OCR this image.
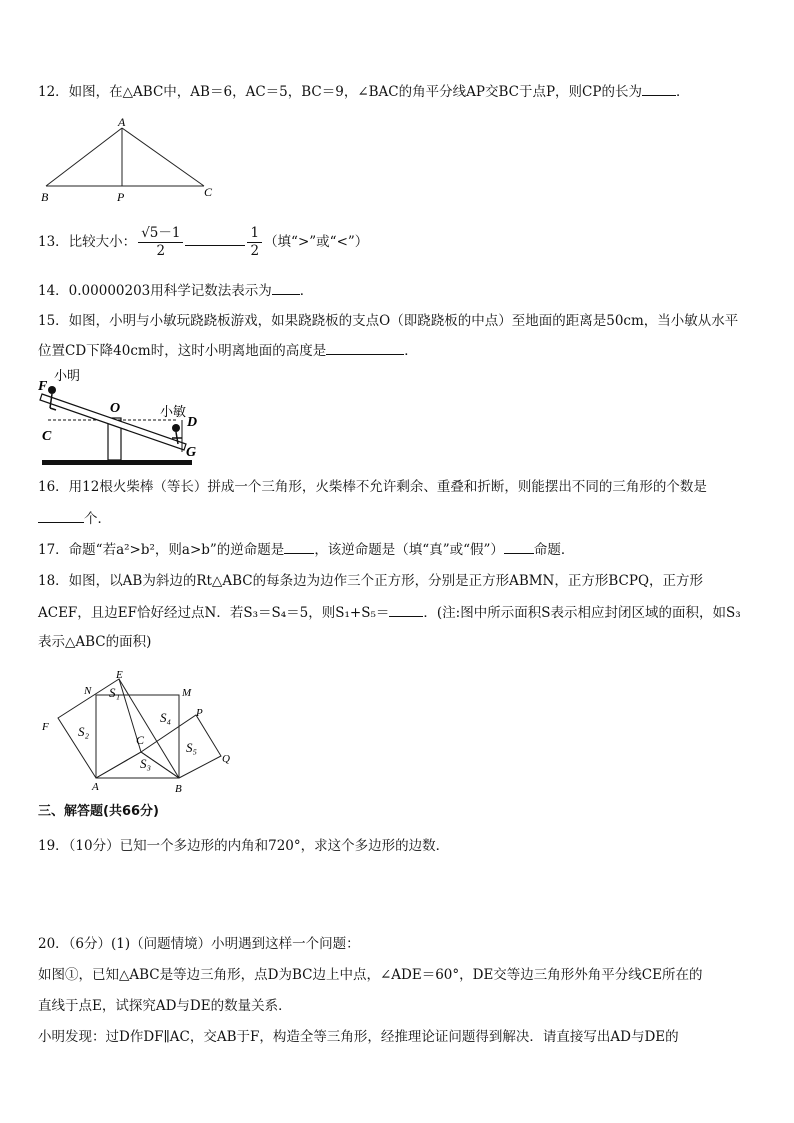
12．如图，在△ABC中，AB＝6，AC＝5，BC＝9，∠BAC的角平分线AP交BC于点P，则CP的长为	．
A
B	P	C
13．比较大小： $\frac{√5-1}{2}$	$\frac{1}{2}$ （填“>”或“<”）
14．0.00000203用科学记数法表示为 ．
15．如图，小明与小敏玩跷跷板游戏，如果跷跷板的支点O（即跷跷板的中点）至地面的距离是50cm，当小敏从水平
位置CD下降40cm时，这时小明离地面的高度是	．
F
小明
O	小敏
D
C
G
16．用12根火柴棒（等长）拼成一个三角形，火柴棒不允许剩余、重叠和折断，则能摆出不同的三角形的个数是
个．
17．命题“若a²>b²，则a>b”的逆命题是 ，该逆命题是（填“真”或“假”） 命题．
18．如图，以AB为斜边的Rt△ABC的每条边为边作三个正方形，分别是正方形ABMN，正方形BCPQ，正方形
ACEF，且边EF恰好经过点N．若S₃＝S₄＝5，则S₁+S₅＝	．(注:图中所示面积S表示相应封闭区域的面积，如S₃
表示△ABC的面积)
E
N S₁	M
P
S₄
F S₂
C	S₅
S₃	Q
A	B
三、解答题(共66分)
19．（10分）已知一个多边形的内角和720°，求这个多边形的边数．
20．（6分）(1)（问题情境）小明遇到这样一个问题：
如图①，已知△ABC是等边三角形，点D为BC边上中点，∠ADE＝60°，DE交等边三角形外角平分线CE所在的
直线于点E，试探究AD与DE的数量关系．
小明发现：过D作DF∥AC，交AB于F，构造全等三角形，经推理论证问题得到解决．请直接写出AD与DE的
